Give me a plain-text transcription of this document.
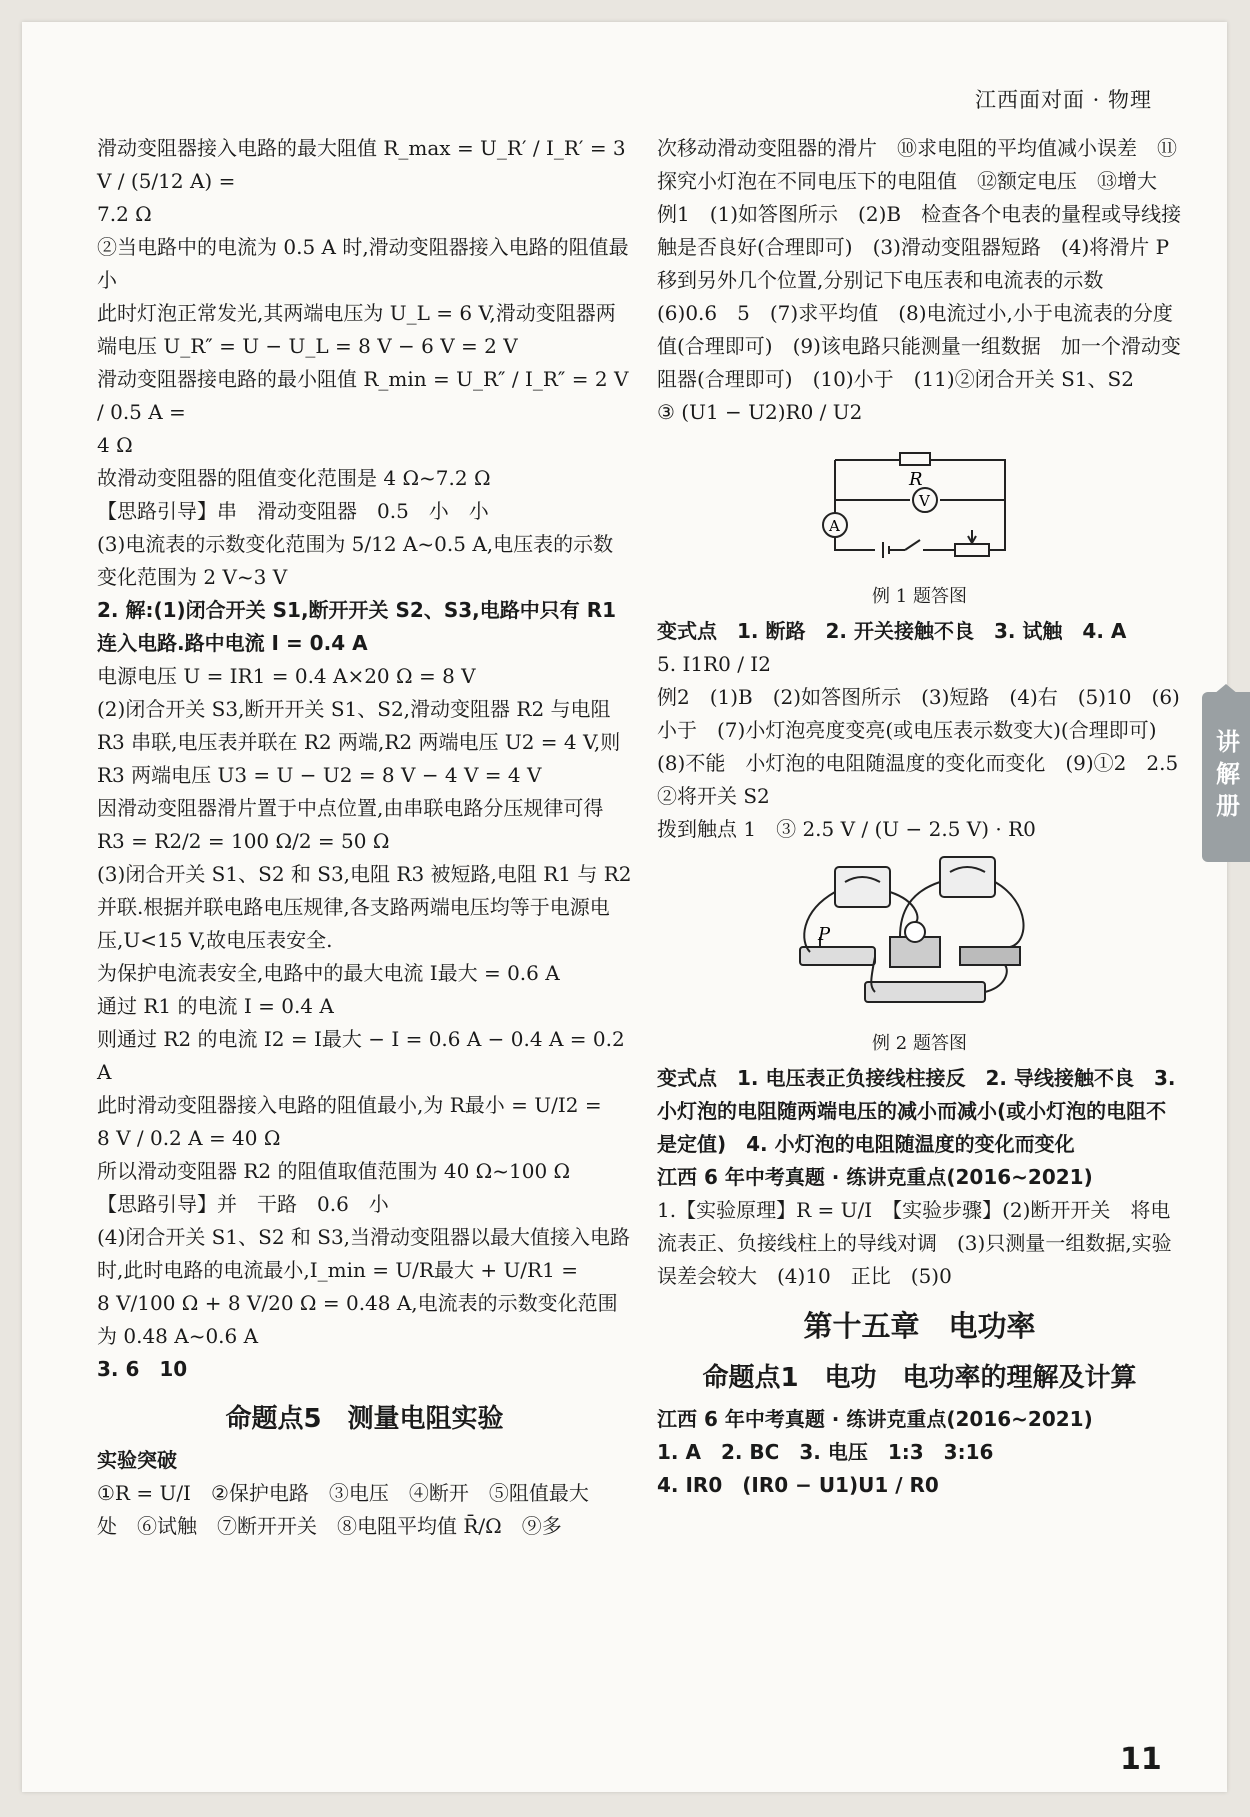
江西面对面 · 物理

滑动变阻器接入电路的最大阻值 R_max = U_R′ / I_R′ = 3 V / (5/12 A) =

7.2 Ω

②当电路中的电流为 0.5 A 时,滑动变阻器接入电路的阻值最小

此时灯泡正常发光,其两端电压为 U_L = 6 V,滑动变阻器两端电压 U_R″ = U − U_L = 8 V − 6 V = 2 V

滑动变阻器接电路的最小阻值 R_min = U_R″ / I_R″ = 2 V / 0.5 A =

4 Ω

故滑动变阻器的阻值变化范围是 4 Ω~7.2 Ω

【思路引导】串　滑动变阻器　0.5　小　小

(3)电流表的示数变化范围为 5/12 A~0.5 A,电压表的示数变化范围为 2 V~3 V

2. 解:(1)闭合开关 S1,断开开关 S2、S3,电路中只有 R1 连入电路.路中电流 I = 0.4 A

电源电压 U = IR1 = 0.4 A×20 Ω = 8 V

(2)闭合开关 S3,断开开关 S1、S2,滑动变阻器 R2 与电阻 R3 串联,电压表并联在 R2 两端,R2 两端电压 U2 = 4 V,则 R3 两端电压 U3 = U − U2 = 8 V − 4 V = 4 V

因滑动变阻器滑片置于中点位置,由串联电路分压规律可得 R3 = R2/2 = 100 Ω/2 = 50 Ω

(3)闭合开关 S1、S2 和 S3,电阻 R3 被短路,电阻 R1 与 R2 并联.根据并联电路电压规律,各支路两端电压均等于电源电压,U<15 V,故电压表安全.

为保护电流表安全,电路中的最大电流 I最大 = 0.6 A

通过 R1 的电流 I = 0.4 A

则通过 R2 的电流 I2 = I最大 − I = 0.6 A − 0.4 A = 0.2 A

此时滑动变阻器接入电路的阻值最小,为 R最小 = U/I2 =

8 V / 0.2 A = 40 Ω

所以滑动变阻器 R2 的阻值取值范围为 40 Ω~100 Ω

【思路引导】并　干路　0.6　小

(4)闭合开关 S1、S2 和 S3,当滑动变阻器以最大值接入电路时,此时电路的电流最小,I_min = U/R最大 + U/R1 =

8 V/100 Ω + 8 V/20 Ω = 0.48 A,电流表的示数变化范围为 0.48 A~0.6 A

3. 6　10

命题点5　测量电阻实验

实验突破

①R = U/I　②保护电路　③电压　④断开　⑤阻值最大

处　⑥试触　⑦断开开关　⑧电阻平均值 R̄/Ω　⑨多

次移动滑动变阻器的滑片　⑩求电阻的平均值减小误差　⑪探究小灯泡在不同电压下的电阻值　⑫额定电压　⑬增大

例1　(1)如答图所示　(2)B　检查各个电表的量程或导线接触是否良好(合理即可)　(3)滑动变阻器短路　(4)将滑片 P 移到另外几个位置,分别记下电压表和电流表的示数　(6)0.6　5　(7)求平均值　(8)电流过小,小于电流表的分度值(合理即可)　(9)该电路只能测量一组数据　加一个滑动变阻器(合理即可)　(10)小于　(11)②闭合开关 S1、S2

③ (U1 − U2)R0 / U2

R
V
A
例 1 题答图

变式点　1. 断路　2. 开关接触不良　3. 试触　4. A

5. I1R0 / I2

例2　(1)B　(2)如答图所示　(3)短路　(4)右　(5)10　(6)小于　(7)小灯泡亮度变亮(或电压表示数变大)(合理即可)　(8)不能　小灯泡的电阻随温度的变化而变化　(9)①2　2.5　②将开关 S2

拨到触点 1　③ 2.5 V / (U − 2.5 V) · R0

P
例 2 题答图

变式点　1. 电压表正负接线柱接反　2. 导线接触不良　3. 小灯泡的电阻随两端电压的减小而减小(或小灯泡的电阻不是定值)　4. 小灯泡的电阻随温度的变化而变化

江西 6 年中考真题 · 练讲克重点(2016~2021)

1.【实验原理】R = U/I　【实验步骤】(2)断开开关　将电流表正、负接线柱上的导线对调　(3)只测量一组数据,实验误差会较大　(4)10　正比　(5)0

第十五章　电功率
命题点1　电功　电功率的理解及计算

江西 6 年中考真题 · 练讲克重点(2016~2021)

1. A　2. BC　3. 电压　1:3　3:16

4. IR0　(IR0 − U1)U1 / R0

讲解册
11
